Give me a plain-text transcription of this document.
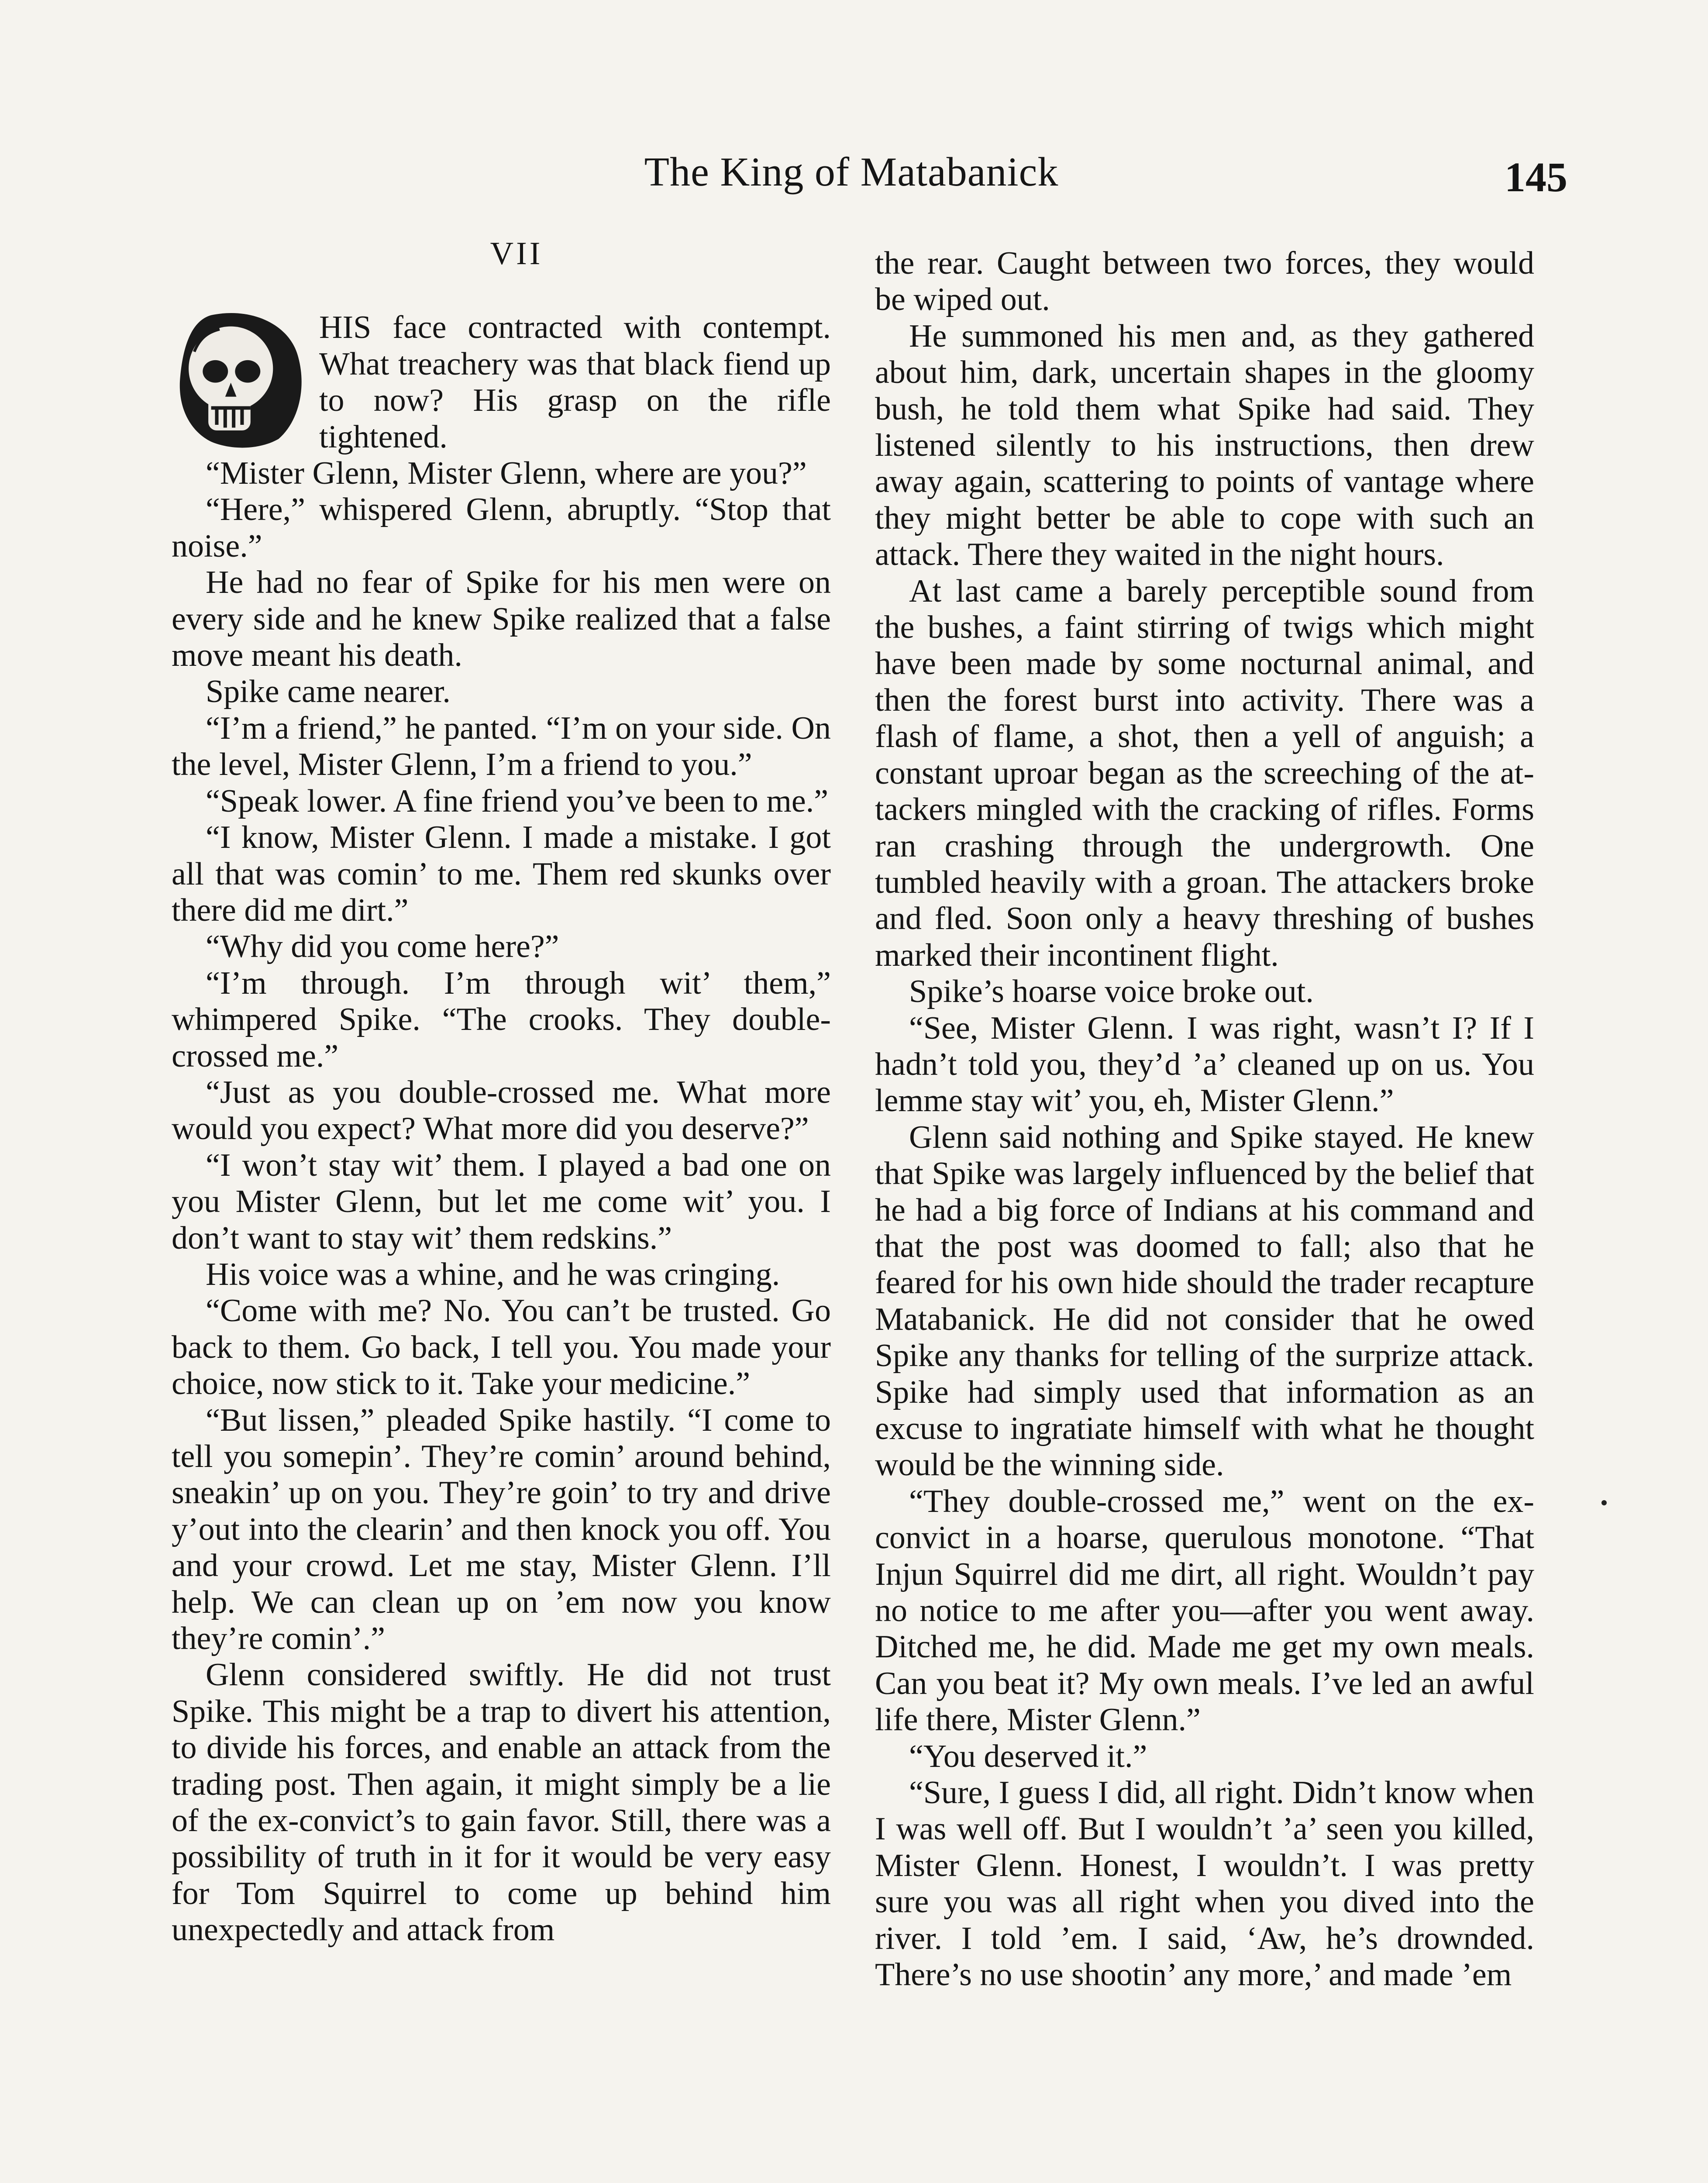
The King of Matabanick	145
VII

HIS face contracted with contempt. What treachery was that black fiend up to now? His grasp on the rifle tightened.

“Mister Glenn, Mister Glenn, where are you?”

“Here,” whispered Glenn, abruptly. “Stop that noise.”

He had no fear of Spike for his men were on every side and he knew Spike realized that a false move meant his death.

Spike came nearer.

“I’m a friend,” he panted. “I’m on your side. On the level, Mister Glenn, I’m a friend to you.”

“Speak lower. A fine friend you’ve been to me.”

“I know, Mister Glenn. I made a mistake. I got all that was comin’ to me. Them red skunks over there did me dirt.”

“Why did you come here?”

“I’m through. I’m through wit’ them,” whimpered Spike. “The crooks. They double-crossed me.”

“Just as you double-crossed me. What more would you expect? What more did you deserve?”

“I won’t stay wit’ them. I played a bad one on you Mister Glenn, but let me come wit’ you. I don’t want to stay wit’ them redskins.”

His voice was a whine, and he was cringing.

“Come with me? No. You can’t be trusted. Go back to them. Go back, I tell you. You made your choice, now stick to it. Take your medicine.”

“But lissen,” pleaded Spike hastily. “I come to tell you somepin’. They’re comin’ around behind, sneakin’ up on you. They’re goin’ to try and drive y’out into the clearin’ and then knock you off. You and your crowd. Let me stay, Mister Glenn. I’ll help. We can clean up on ’em now you know they’re comin’.”

Glenn considered swiftly. He did not trust Spike. This might be a trap to divert his attention, to divide his forces, and enable an attack from the trading post. Then again, it might simply be a lie of the ex-convict’s to gain favor. Still, there was a possibility of truth in it for it would be very easy for Tom Squirrel to come up behind him unexpectedly and attack from

the rear. Caught between two forces, they would be wiped out.

He summoned his men and, as they gathered about him, dark, uncertain shapes in the gloomy bush, he told them what Spike had said. They listened silently to his instructions, then drew away again, scattering to points of vantage where they might better be able to cope with such an attack. There they waited in the night hours.

At last came a barely perceptible sound from the bushes, a faint stirring of twigs which might have been made by some nocturnal animal, and then the forest burst into activity. There was a flash of flame, a shot, then a yell of anguish; a constant uproar began as the screeching of the attackers mingled with the cracking of rifles. Forms ran crashing through the undergrowth. One tumbled heavily with a groan. The attackers broke and fled. Soon only a heavy threshing of bushes marked their incontinent flight.

Spike’s hoarse voice broke out.

“See, Mister Glenn. I was right, wasn’t I? If I hadn’t told you, they’d ’a’ cleaned up on us. You lemme stay wit’ you, eh, Mister Glenn.”

Glenn said nothing and Spike stayed. He knew that Spike was largely influenced by the belief that he had a big force of Indians at his command and that the post was doomed to fall; also that he feared for his own hide should the trader recapture Matabanick. He did not consider that he owed Spike any thanks for telling of the surprize attack. Spike had simply used that information as an excuse to ingratiate himself with what he thought would be the winning side.

“They double-crossed me,” went on the ex-convict in a hoarse, querulous monotone. “That Injun Squirrel did me dirt, all right. Wouldn’t pay no notice to me after you—after you went away. Ditched me, he did. Made me get my own meals. Can you beat it? My own meals. I’ve led an awful life there, Mister Glenn.”

“You deserved it.”

“Sure, I guess I did, all right. Didn’t know when I was well off. But I wouldn’t ’a’ seen you killed, Mister Glenn. Honest, I wouldn’t. I was pretty sure you was all right when you dived into the river. I told ’em. I said, ‘Aw, he’s drownded. There’s no use shootin’ any more,’ and made ’em
